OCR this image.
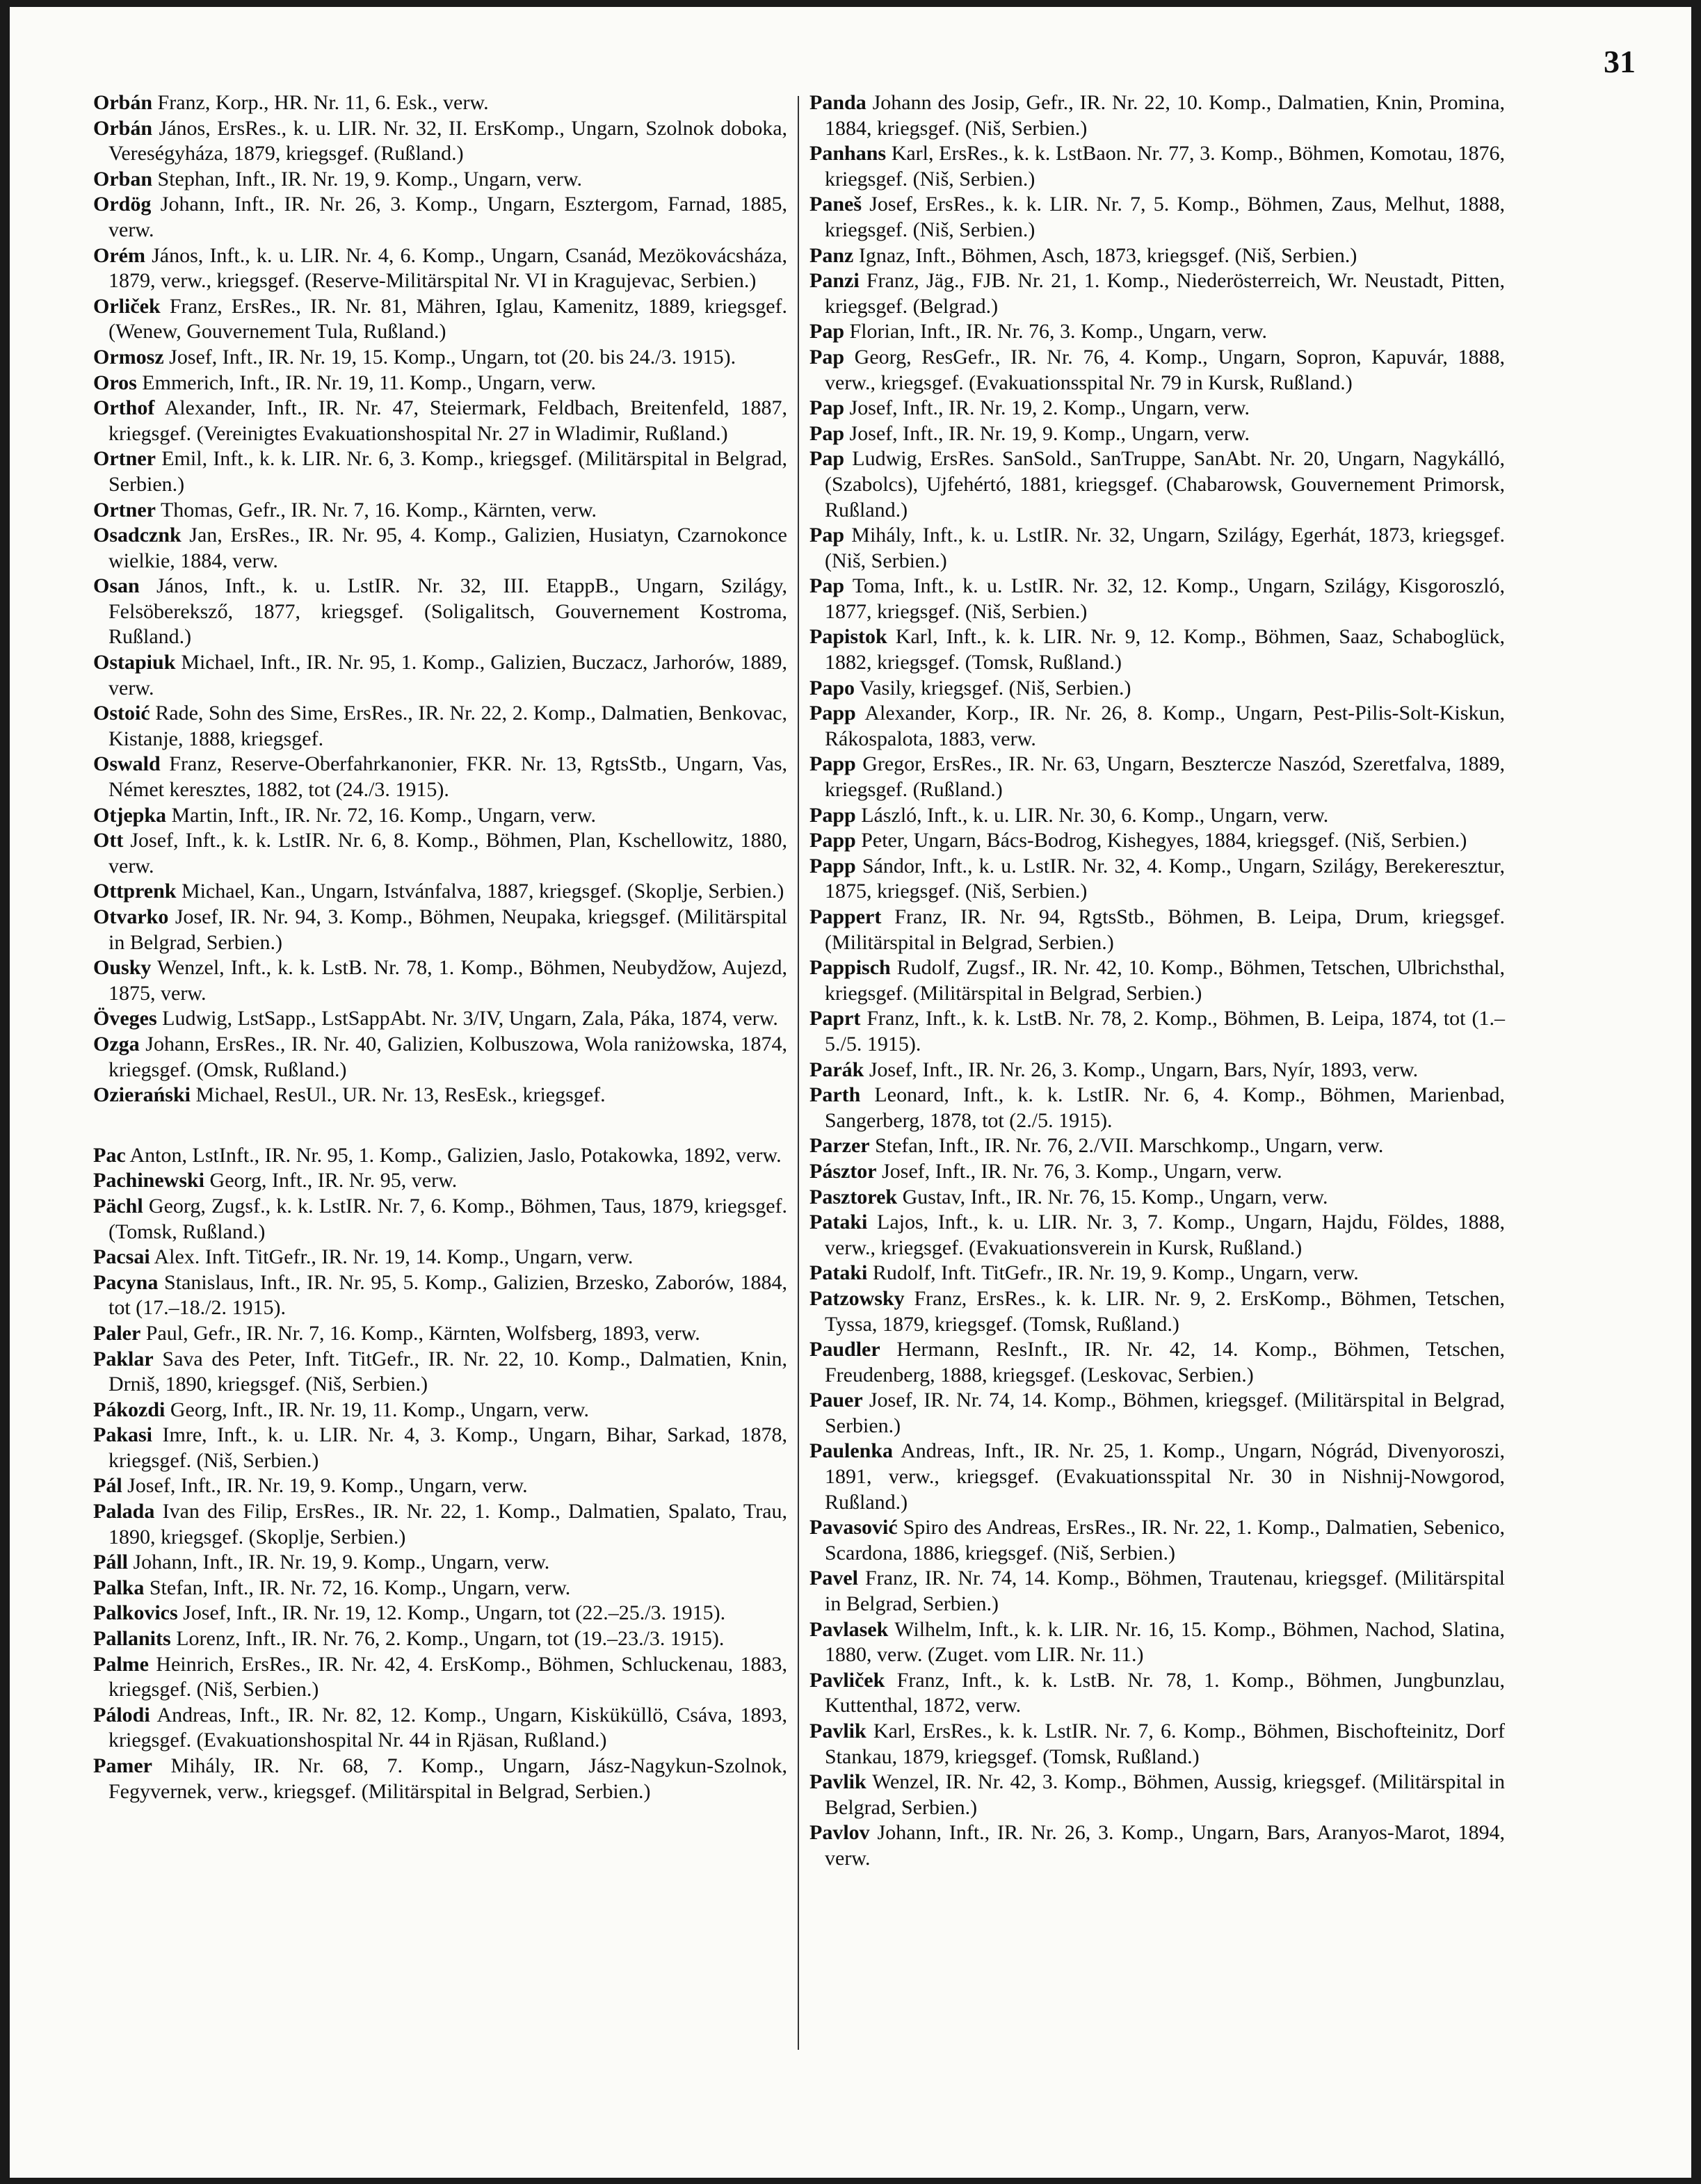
31

Orbán Franz, Korp., HR. Nr. 11, 6. Esk., verw.

Orbán János, ErsRes., k. u. LIR. Nr. 32, II. ErsKomp., Ungarn, Szolnok doboka, Vereségyháza, 1879, kriegsgef. (Rußland.)

Orban Stephan, Inft., IR. Nr. 19, 9. Komp., Ungarn, verw.

Ordög Johann, Inft., IR. Nr. 26, 3. Komp., Ungarn, Esztergom, Farnad, 1885, verw.

Orém János, Inft., k. u. LIR. Nr. 4, 6. Komp., Ungarn, Csanád, Mezökovácsháza, 1879, verw., kriegsgef. (Reserve-Militärspital Nr. VI in Kragujevac, Serbien.)

Orliček Franz, ErsRes., IR. Nr. 81, Mähren, Iglau, Kamenitz, 1889, kriegsgef. (Wenew, Gouvernement Tula, Rußland.)

Ormosz Josef, Inft., IR. Nr. 19, 15. Komp., Ungarn, tot (20. bis 24./3. 1915).

Oros Emmerich, Inft., IR. Nr. 19, 11. Komp., Ungarn, verw.

Orthof Alexander, Inft., IR. Nr. 47, Steiermark, Feldbach, Breitenfeld, 1887, kriegsgef. (Vereinigtes Evakuationshospital Nr. 27 in Wladimir, Rußland.)

Ortner Emil, Inft., k. k. LIR. Nr. 6, 3. Komp., kriegsgef. (Militärspital in Belgrad, Serbien.)

Ortner Thomas, Gefr., IR. Nr. 7, 16. Komp., Kärnten, verw.

Osadcznk Jan, ErsRes., IR. Nr. 95, 4. Komp., Galizien, Husiatyn, Czarnokonce wielkie, 1884, verw.

Osan János, Inft., k. u. LstIR. Nr. 32, III. EtappB., Ungarn, Szilágy, Felsöbereksző, 1877, kriegsgef. (Soligalitsch, Gouvernement Kostroma, Rußland.)

Ostapiuk Michael, Inft., IR. Nr. 95, 1. Komp., Galizien, Buczacz, Jarhorów, 1889, verw.

Ostoić Rade, Sohn des Sime, ErsRes., IR. Nr. 22, 2. Komp., Dalmatien, Benkovac, Kistanje, 1888, kriegsgef.

Oswald Franz, Reserve-Oberfahrkanonier, FKR. Nr. 13, RgtsStb., Ungarn, Vas, Német keresztes, 1882, tot (24./3. 1915).

Otjepka Martin, Inft., IR. Nr. 72, 16. Komp., Ungarn, verw.

Ott Josef, Inft., k. k. LstIR. Nr. 6, 8. Komp., Böhmen, Plan, Kschellowitz, 1880, verw.

Ottprenk Michael, Kan., Ungarn, Istvánfalva, 1887, kriegsgef. (Skoplje, Serbien.)

Otvarko Josef, IR. Nr. 94, 3. Komp., Böhmen, Neupaka, kriegsgef. (Militärspital in Belgrad, Serbien.)

Ousky Wenzel, Inft., k. k. LstB. Nr. 78, 1. Komp., Böhmen, Neubydžow, Aujezd, 1875, verw.

Öveges Ludwig, LstSapp., LstSappAbt. Nr. 3/IV, Ungarn, Zala, Páka, 1874, verw.

Ozga Johann, ErsRes., IR. Nr. 40, Galizien, Kolbuszowa, Wola raniżowska, 1874, kriegsgef. (Omsk, Rußland.)

Ozierański Michael, ResUl., UR. Nr. 13, ResEsk., kriegsgef.

Pac Anton, LstInft., IR. Nr. 95, 1. Komp., Galizien, Jaslo, Potakowka, 1892, verw.

Pachinewski Georg, Inft., IR. Nr. 95, verw.

Pächl Georg, Zugsf., k. k. LstIR. Nr. 7, 6. Komp., Böhmen, Taus, 1879, kriegsgef. (Tomsk, Rußland.)

Pacsai Alex. Inft. TitGefr., IR. Nr. 19, 14. Komp., Ungarn, verw.

Pacyna Stanislaus, Inft., IR. Nr. 95, 5. Komp., Galizien, Brzesko, Zaborów, 1884, tot (17.–18./2. 1915).

Paler Paul, Gefr., IR. Nr. 7, 16. Komp., Kärnten, Wolfsberg, 1893, verw.

Paklar Sava des Peter, Inft. TitGefr., IR. Nr. 22, 10. Komp., Dalmatien, Knin, Drniš, 1890, kriegsgef. (Niš, Serbien.)

Pákozdi Georg, Inft., IR. Nr. 19, 11. Komp., Ungarn, verw.

Pakasi Imre, Inft., k. u. LIR. Nr. 4, 3. Komp., Ungarn, Bihar, Sarkad, 1878, kriegsgef. (Niš, Serbien.)

Pál Josef, Inft., IR. Nr. 19, 9. Komp., Ungarn, verw.

Palada Ivan des Filip, ErsRes., IR. Nr. 22, 1. Komp., Dalmatien, Spalato, Trau, 1890, kriegsgef. (Skoplje, Serbien.)

Páll Johann, Inft., IR. Nr. 19, 9. Komp., Ungarn, verw.

Palka Stefan, Inft., IR. Nr. 72, 16. Komp., Ungarn, verw.

Palkovics Josef, Inft., IR. Nr. 19, 12. Komp., Ungarn, tot (22.–25./3. 1915).

Pallanits Lorenz, Inft., IR. Nr. 76, 2. Komp., Ungarn, tot (19.–23./3. 1915).

Palme Heinrich, ErsRes., IR. Nr. 42, 4. ErsKomp., Böhmen, Schluckenau, 1883, kriegsgef. (Niš, Serbien.)

Pálodi Andreas, Inft., IR. Nr. 82, 12. Komp., Ungarn, Kisküküllö, Csáva, 1893, kriegsgef. (Evakuationshospital Nr. 44 in Rjäsan, Rußland.)

Pamer Mihály, IR. Nr. 68, 7. Komp., Ungarn, Jász-Nagykun-Szolnok, Fegyvernek, verw., kriegsgef. (Militärspital in Belgrad, Serbien.)

Panda Johann des Josip, Gefr., IR. Nr. 22, 10. Komp., Dalmatien, Knin, Promina, 1884, kriegsgef. (Niš, Serbien.)

Panhans Karl, ErsRes., k. k. LstBaon. Nr. 77, 3. Komp., Böhmen, Komotau, 1876, kriegsgef. (Niš, Serbien.)

Paneš Josef, ErsRes., k. k. LIR. Nr. 7, 5. Komp., Böhmen, Zaus, Melhut, 1888, kriegsgef. (Niš, Serbien.)

Panz Ignaz, Inft., Böhmen, Asch, 1873, kriegsgef. (Niš, Serbien.)

Panzi Franz, Jäg., FJB. Nr. 21, 1. Komp., Niederösterreich, Wr. Neustadt, Pitten, kriegsgef. (Belgrad.)

Pap Florian, Inft., IR. Nr. 76, 3. Komp., Ungarn, verw.

Pap Georg, ResGefr., IR. Nr. 76, 4. Komp., Ungarn, Sopron, Kapuvár, 1888, verw., kriegsgef. (Evakuationsspital Nr. 79 in Kursk, Rußland.)

Pap Josef, Inft., IR. Nr. 19, 2. Komp., Ungarn, verw.

Pap Josef, Inft., IR. Nr. 19, 9. Komp., Ungarn, verw.

Pap Ludwig, ErsRes. SanSold., SanTruppe, SanAbt. Nr. 20, Ungarn, Nagykálló, (Szabolcs), Ujfehértó, 1881, kriegsgef. (Chabarowsk, Gouvernement Primorsk, Rußland.)

Pap Mihály, Inft., k. u. LstIR. Nr. 32, Ungarn, Szilágy, Egerhát, 1873, kriegsgef. (Niš, Serbien.)

Pap Toma, Inft., k. u. LstIR. Nr. 32, 12. Komp., Ungarn, Szilágy, Kisgoroszló, 1877, kriegsgef. (Niš, Serbien.)

Papistok Karl, Inft., k. k. LIR. Nr. 9, 12. Komp., Böhmen, Saaz, Schaboglück, 1882, kriegsgef. (Tomsk, Rußland.)

Papo Vasily, kriegsgef. (Niš, Serbien.)

Papp Alexander, Korp., IR. Nr. 26, 8. Komp., Ungarn, Pest-Pilis-Solt-Kiskun, Rákospalota, 1883, verw.

Papp Gregor, ErsRes., IR. Nr. 63, Ungarn, Besztercze Naszód, Szeretfalva, 1889, kriegsgef. (Rußland.)

Papp László, Inft., k. u. LIR. Nr. 30, 6. Komp., Ungarn, verw.

Papp Peter, Ungarn, Bács-Bodrog, Kishegyes, 1884, kriegsgef. (Niš, Serbien.)

Papp Sándor, Inft., k. u. LstIR. Nr. 32, 4. Komp., Ungarn, Szilágy, Berekeresztur, 1875, kriegsgef. (Niš, Serbien.)

Pappert Franz, IR. Nr. 94, RgtsStb., Böhmen, B. Leipa, Drum, kriegsgef. (Militärspital in Belgrad, Serbien.)

Pappisch Rudolf, Zugsf., IR. Nr. 42, 10. Komp., Böhmen, Tetschen, Ulbrichsthal, kriegsgef. (Militärspital in Belgrad, Serbien.)

Paprt Franz, Inft., k. k. LstB. Nr. 78, 2. Komp., Böhmen, B. Leipa, 1874, tot (1.–5./5. 1915).

Parák Josef, Inft., IR. Nr. 26, 3. Komp., Ungarn, Bars, Nyír, 1893, verw.

Parth Leonard, Inft., k. k. LstIR. Nr. 6, 4. Komp., Böhmen, Marienbad, Sangerberg, 1878, tot (2./5. 1915).

Parzer Stefan, Inft., IR. Nr. 76, 2./VII. Marschkomp., Ungarn, verw.

Pásztor Josef, Inft., IR. Nr. 76, 3. Komp., Ungarn, verw.

Pasztorek Gustav, Inft., IR. Nr. 76, 15. Komp., Ungarn, verw.

Pataki Lajos, Inft., k. u. LIR. Nr. 3, 7. Komp., Ungarn, Hajdu, Földes, 1888, verw., kriegsgef. (Evakuationsverein in Kursk, Rußland.)

Pataki Rudolf, Inft. TitGefr., IR. Nr. 19, 9. Komp., Ungarn, verw.

Patzowsky Franz, ErsRes., k. k. LIR. Nr. 9, 2. ErsKomp., Böhmen, Tetschen, Tyssa, 1879, kriegsgef. (Tomsk, Rußland.)

Paudler Hermann, ResInft., IR. Nr. 42, 14. Komp., Böhmen, Tetschen, Freudenberg, 1888, kriegsgef. (Leskovac, Serbien.)

Pauer Josef, IR. Nr. 74, 14. Komp., Böhmen, kriegsgef. (Militärspital in Belgrad, Serbien.)

Paulenka Andreas, Inft., IR. Nr. 25, 1. Komp., Ungarn, Nógrád, Divenyoroszi, 1891, verw., kriegsgef. (Evakuationsspital Nr. 30 in Nishnij-Nowgorod, Rußland.)

Pavasović Spiro des Andreas, ErsRes., IR. Nr. 22, 1. Komp., Dalmatien, Sebenico, Scardona, 1886, kriegsgef. (Niš, Serbien.)

Pavel Franz, IR. Nr. 74, 14. Komp., Böhmen, Trautenau, kriegsgef. (Militärspital in Belgrad, Serbien.)

Pavlasek Wilhelm, Inft., k. k. LIR. Nr. 16, 15. Komp., Böhmen, Nachod, Slatina, 1880, verw. (Zuget. vom LIR. Nr. 11.)

Pavliček Franz, Inft., k. k. LstB. Nr. 78, 1. Komp., Böhmen, Jungbunzlau, Kuttenthal, 1872, verw.

Pavlik Karl, ErsRes., k. k. LstIR. Nr. 7, 6. Komp., Böhmen, Bischofteinitz, Dorf Stankau, 1879, kriegsgef. (Tomsk, Rußland.)

Pavlik Wenzel, IR. Nr. 42, 3. Komp., Böhmen, Aussig, kriegsgef. (Militärspital in Belgrad, Serbien.)

Pavlov Johann, Inft., IR. Nr. 26, 3. Komp., Ungarn, Bars, Aranyos-Marot, 1894, verw.
